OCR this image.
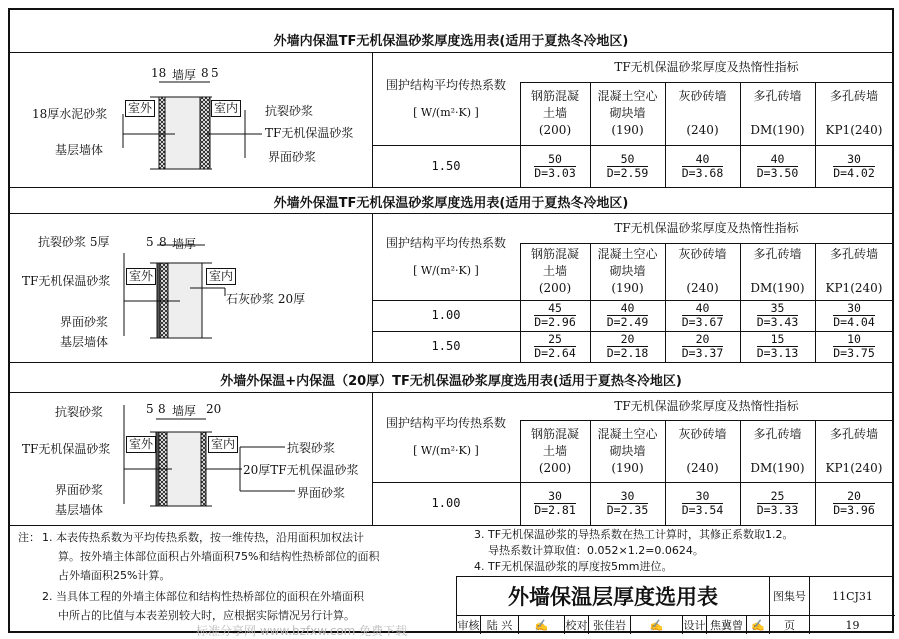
外墙内保温TF无机保温砂浆厚度选用表(适用于夏热冬冷地区)
外墙外保温TF无机保温砂浆厚度选用表(适用于夏热冬冷地区)
外墙外保温+内保温（20厚）TF无机保温砂浆厚度选用表(适用于夏热冬冷地区)
围护结构平均传热系数
[ W/(m²·K) ]
TF无机保温砂浆厚度及热惰性指标
钢筋混凝
土墙
(200)
混凝土空心
砌块墙
(190)
灰砂砖墙
(240)
多孔砖墙
DM(190)
多孔砖墙
KP1(240)
1.50	$\frac{50}{D=3.03}$	$\frac{50}{D=2.59}$	$\frac{40}{D=3.68}$	$\frac{40}{D=3.50}$	$\frac{30}{D=4.02}$
围护结构平均传热系数
[ W/(m²·K) ]
TF无机保温砂浆厚度及热惰性指标
钢筋混凝
土墙
(200)
混凝土空心
砌块墙
(190)
灰砂砖墙
(240)
多孔砖墙
DM(190)
多孔砖墙
KP1(240)
1.00	$\frac{45}{D=2.96}$	$\frac{40}{D=2.49}$	$\frac{40}{D=3.67}$	$\frac{35}{D=3.43}$	$\frac{30}{D=4.04}$
1.50	$\frac{25}{D=2.64}$	$\frac{20}{D=2.18}$	$\frac{20}{D=3.37}$	$\frac{15}{D=3.13}$	$\frac{10}{D=3.75}$
围护结构平均传热系数
[ W/(m²·K) ]
TF无机保温砂浆厚度及热惰性指标
钢筋混凝
土墙
(200)
混凝土空心
砌块墙
(190)
灰砂砖墙
(240)
多孔砖墙
DM(190)
多孔砖墙
KP1(240)
1.00	$\frac{30}{D=2.81}$	$\frac{30}{D=2.35}$	$\frac{30}{D=3.54}$	$\frac{25}{D=3.33}$	$\frac{20}{D=3.96}$
18 墙厚 8 5
室外	室内
18厚水泥砂浆
基层墙体
抗裂砂浆
TF无机保温砂浆
界面砂浆
5 8 墙厚
室外	室内
抗裂砂浆 5厚
TF无机保温砂浆
界面砂浆
基层墙体
石灰砂浆 20厚
5 8 墙厚 20
室外	室内
抗裂砂浆
TF无机保温砂浆
界面砂浆
基层墙体
抗裂砂浆
20厚TF无机保温砂浆
界面砂浆
注： 1. 本表传热系数为平均传热系数，按一维传热，沿用面积加权法计
算。按外墙主体部位面积占外墙面积75%和结构性热桥部位的面积
占外墙面积25%计算。
2. 当具体工程的外墙主体部位和结构性热桥部位的面积在外墙面积
中所占的比值与本表差别较大时，应根据实际情况另行计算。
3. TF无机保温砂浆的导热系数在热工计算时，其修正系数取1.2。
导热系数计算取值：0.052×1.2=0.0624。
4. TF无机保温砂浆的厚度按5mm进位。
外墙保温层厚度选用表	图集号	11CJ31
审核 陆 兴	✍	校对 张佳岩	✍	设计 焦冀曾 ✍	页	19
标准分享网 www.bzfxw.com 免费下载
